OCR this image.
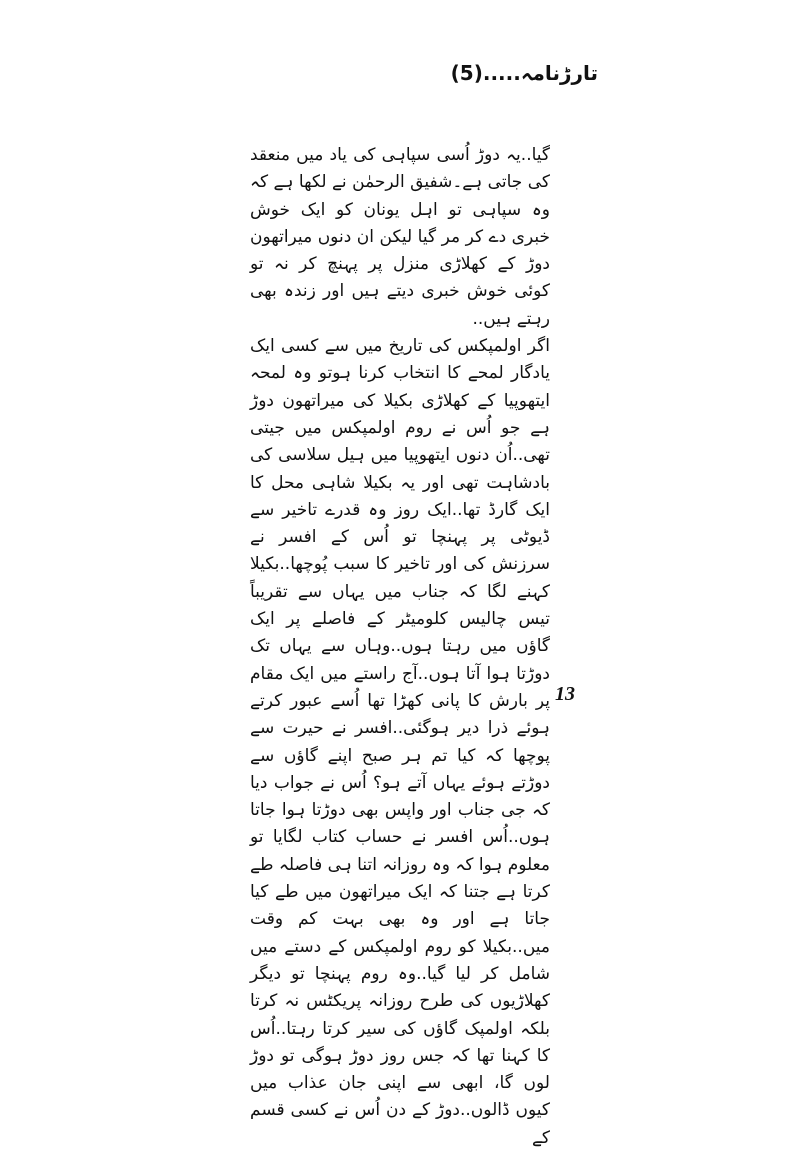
تارڑنامہ.....(5)

گیا..یہ دوڑ اُسی سپاہی کی یاد میں منعقد کی جاتی ہے۔شفیق الرحمٰن نے لکھا ہے کہ وہ سپاہی تو اہل یونان کو ایک خوش خبری دے کر مر گیا لیکن ان دنوں میراتھون دوڑ کے کھلاڑی منزل پر پہنچ کر نہ تو کوئی خوش خبری دیتے ہیں اور زندہ بھی رہتے ہیں..

اگر اولمپکس کی تاریخ میں سے کسی ایک یادگار لمحے کا انتخاب کرنا ہوتو وہ لمحہ ایتھوپیا کے کھلاڑی بکیلا کی میراتھون دوڑ ہے جو اُس نے روم اولمپکس میں جیتی تھی..اُن دنوں ایتھوپیا میں ہیل سلاسی کی بادشاہت تھی اور یہ بکیلا شاہی محل کا ایک گارڈ تھا..ایک روز وہ قدرے تاخیر سے ڈیوٹی پر پہنچا تو اُس کے افسر نے سرزنش کی اور تاخیر کا سبب پُوچھا..بکیلا کہنے لگا کہ جناب میں یہاں سے تقریباً تیس چالیس کلومیٹر کے فاصلے پر ایک گاؤں میں رہتا ہوں..وہاں سے یہاں تک دوڑتا ہوا آتا ہوں..آج راستے میں ایک مقام پر بارش کا پانی کھڑا تھا اُسے عبور کرتے ہوئے ذرا دیر ہوگئی..افسر نے حیرت سے پوچھا کہ کیا تم ہر صبح اپنے گاؤں سے دوڑتے ہوئے یہاں آتے ہو؟ اُس نے جواب دیا کہ جی جناب اور واپس بھی دوڑتا ہوا جاتا ہوں..اُس افسر نے حساب کتاب لگایا تو معلوم ہوا کہ وہ روزانہ اتنا ہی فاصلہ طے کرتا ہے جتنا کہ ایک میراتھون میں طے کیا جاتا ہے اور وہ بھی بہت کم وقت میں..بکیلا کو روم اولمپکس کے دستے میں شامل کر لیا گیا..وہ روم پہنچا تو دیگر کھلاڑیوں کی طرح روزانہ پریکٹس نہ کرتا بلکہ اولمپک گاؤں کی سیر کرتا رہتا..اُس کا کہنا تھا کہ جس روز دوڑ ہوگی تو دوڑ لوں گا، ابھی سے اپنی جان عذاب میں کیوں ڈالوں..دوڑ کے دن اُس نے کسی قسم کے

13
